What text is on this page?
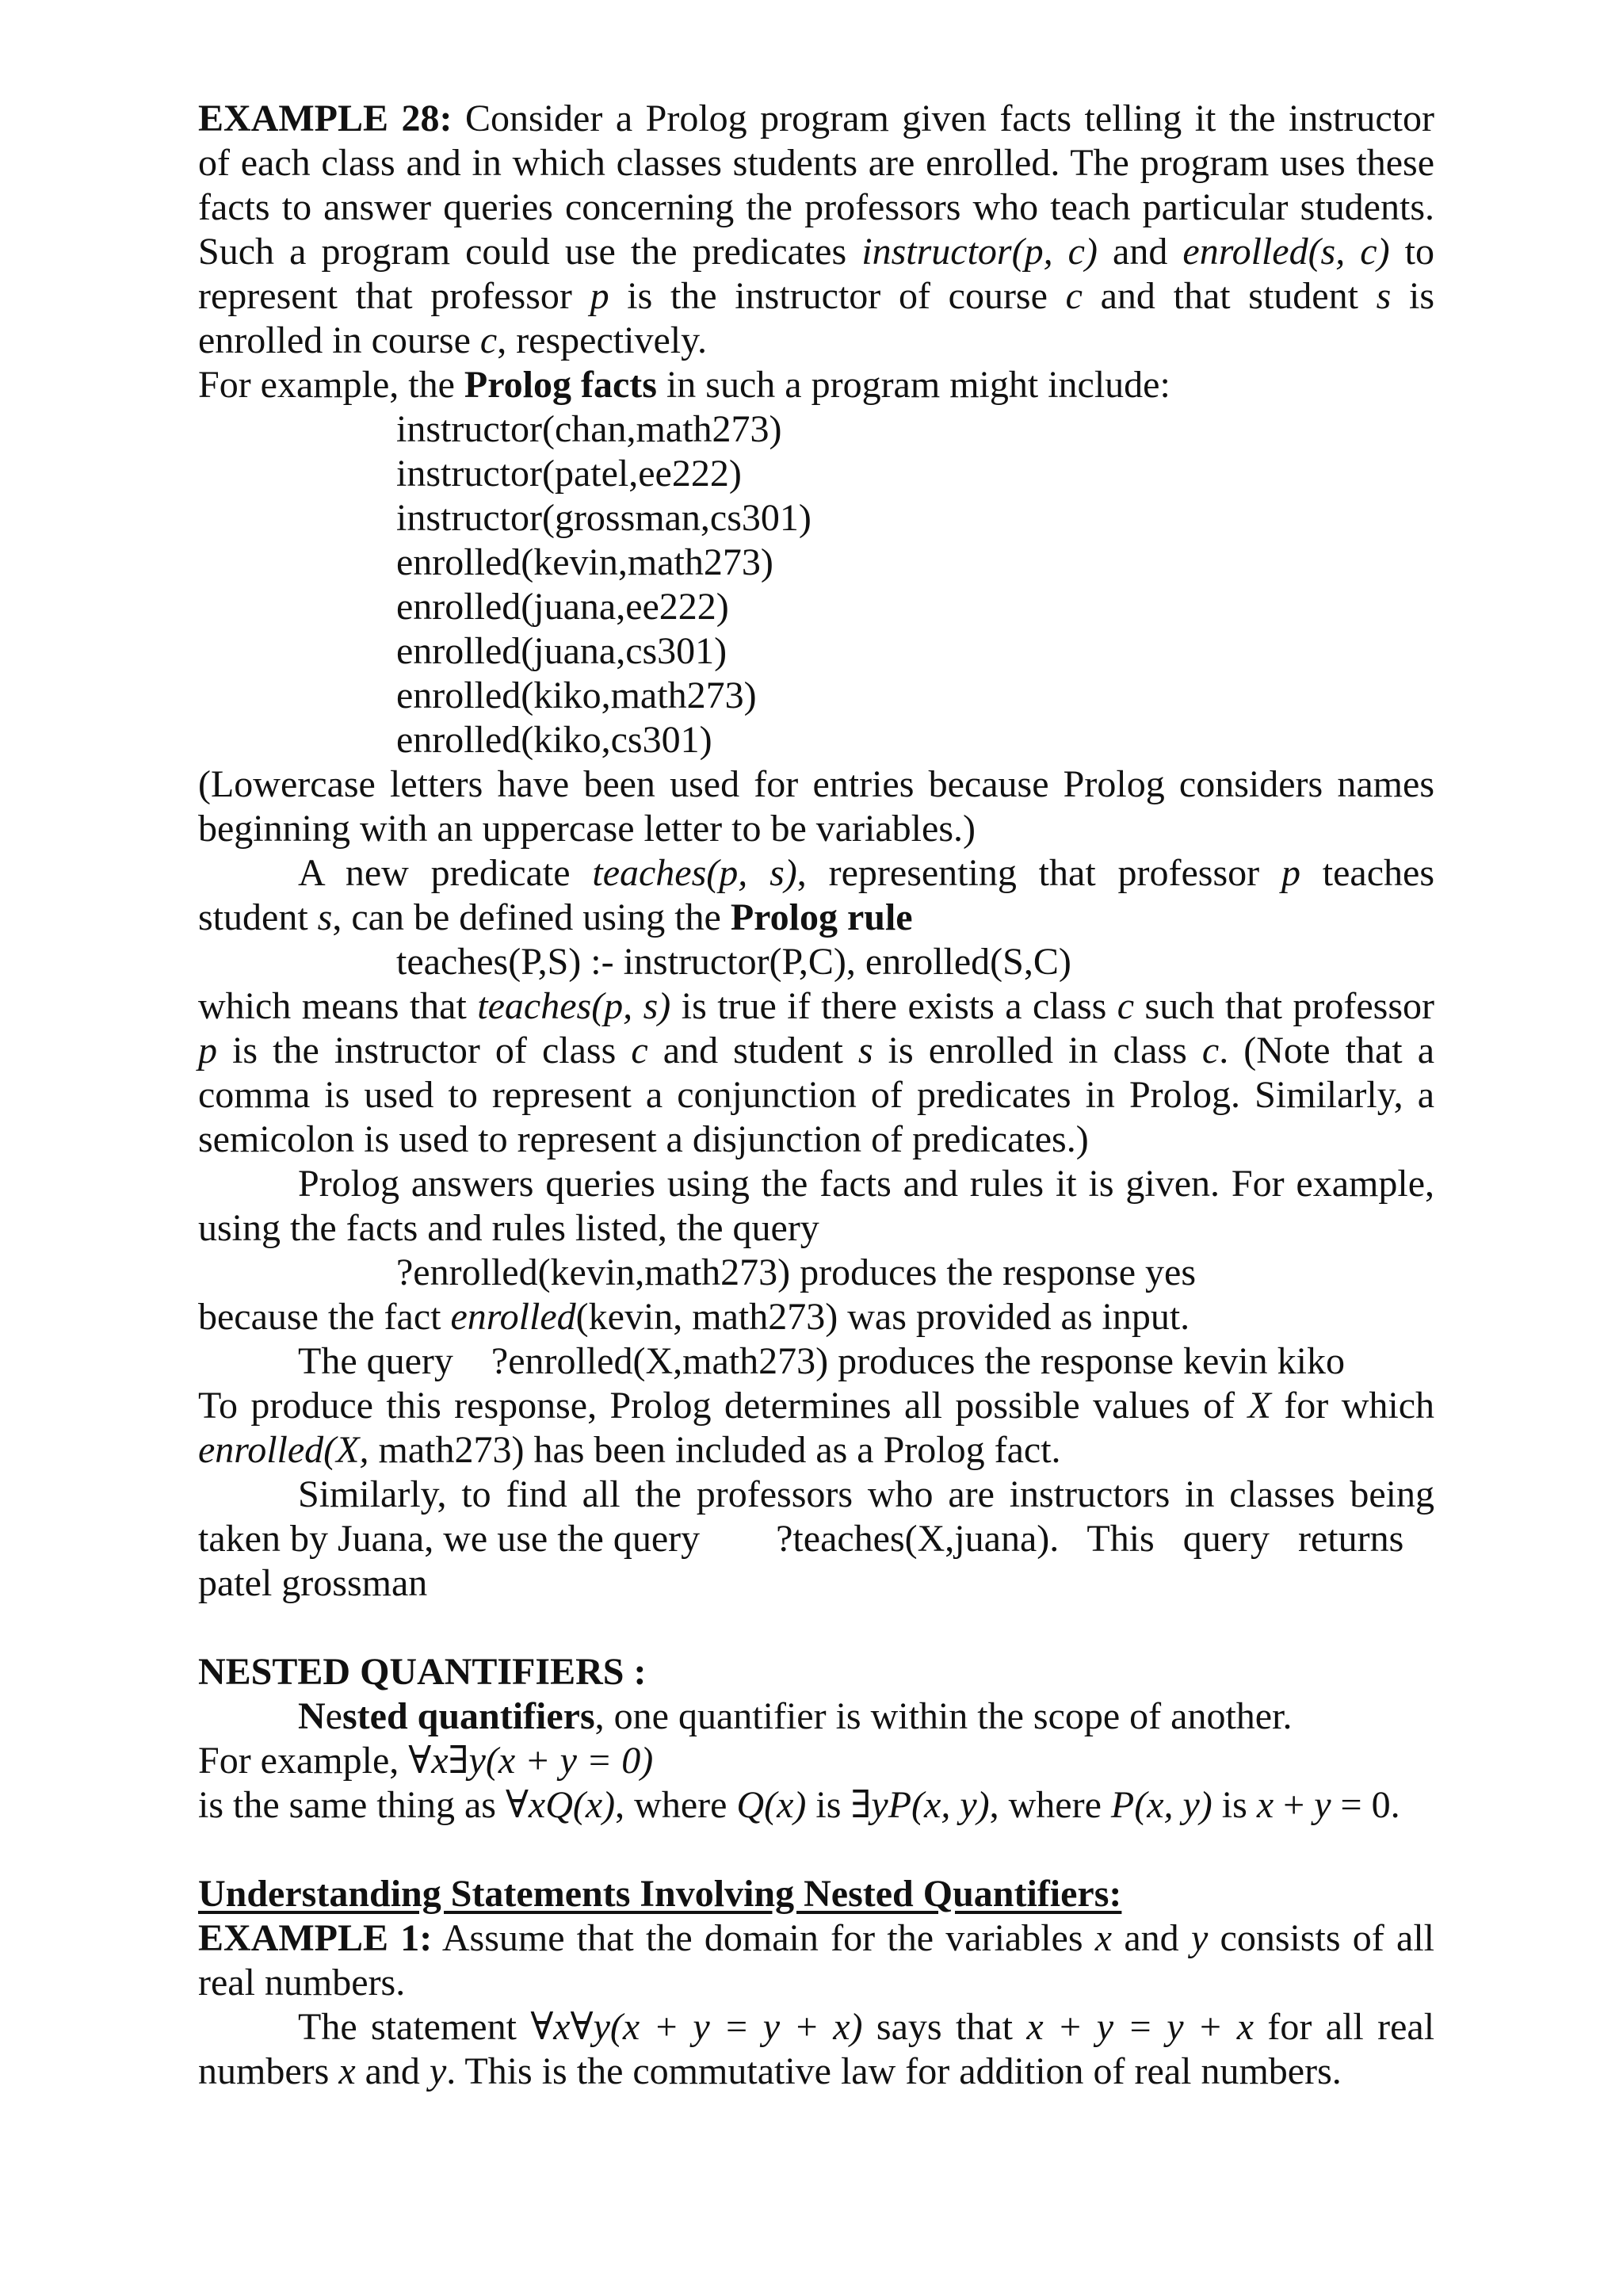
EXAMPLE 28: Consider a Prolog program given facts telling it the instructor of each class and in which classes students are enrolled. The program uses these facts to answer queries concerning the professors who teach particular students. Such a program could use the predicates instructor(p, c) and enrolled(s, c) to represent that professor p is the instructor of course c and that student s is enrolled in course c, respectively.

For example, the Prolog facts in such a program might include:

instructor(chan,math273)

instructor(patel,ee222)

instructor(grossman,cs301)

enrolled(kevin,math273)

enrolled(juana,ee222)

enrolled(juana,cs301)

enrolled(kiko,math273)

enrolled(kiko,cs301)

(Lowercase letters have been used for entries because Prolog considers names beginning with an uppercase letter to be variables.)

A new predicate teaches(p, s), representing that professor p teaches student s, can be defined using the Prolog rule

teaches(P,S) :- instructor(P,C), enrolled(S,C)

which means that teaches(p, s) is true if there exists a class c such that professor p is the instructor of class c and student s is enrolled in class c. (Note that a comma is used to represent a conjunction of predicates in Prolog. Similarly, a semicolon is used to represent a disjunction of predicates.)

Prolog answers queries using the facts and rules it is given. For example, using the facts and rules listed, the query

?enrolled(kevin,math273) produces the response yes

because the fact enrolled(kevin, math273) was provided as input.

The query    ?enrolled(X,math273) produces the response kevin kiko

To produce this response, Prolog determines all possible values of X for which enrolled(X, math273) has been included as a Prolog fact.

Similarly, to find all the professors who are instructors in classes being

taken by Juana, we use the query        ?teaches(X,juana).   This   query   returns

patel grossman

NESTED QUANTIFIERS :

Nested quantifiers, one quantifier is within the scope of another.

For example, ∀x∃y(x + y = 0)

is the same thing as ∀xQ(x), where Q(x) is ∃yP(x, y), where P(x, y) is x + y = 0.

Understanding Statements Involving Nested Quantifiers:

EXAMPLE 1: Assume that the domain for the variables x and y consists of all real numbers.

The statement ∀x∀y(x + y = y + x) says that x + y = y + x for all real numbers x and y. This is the commutative law for addition of real numbers.
